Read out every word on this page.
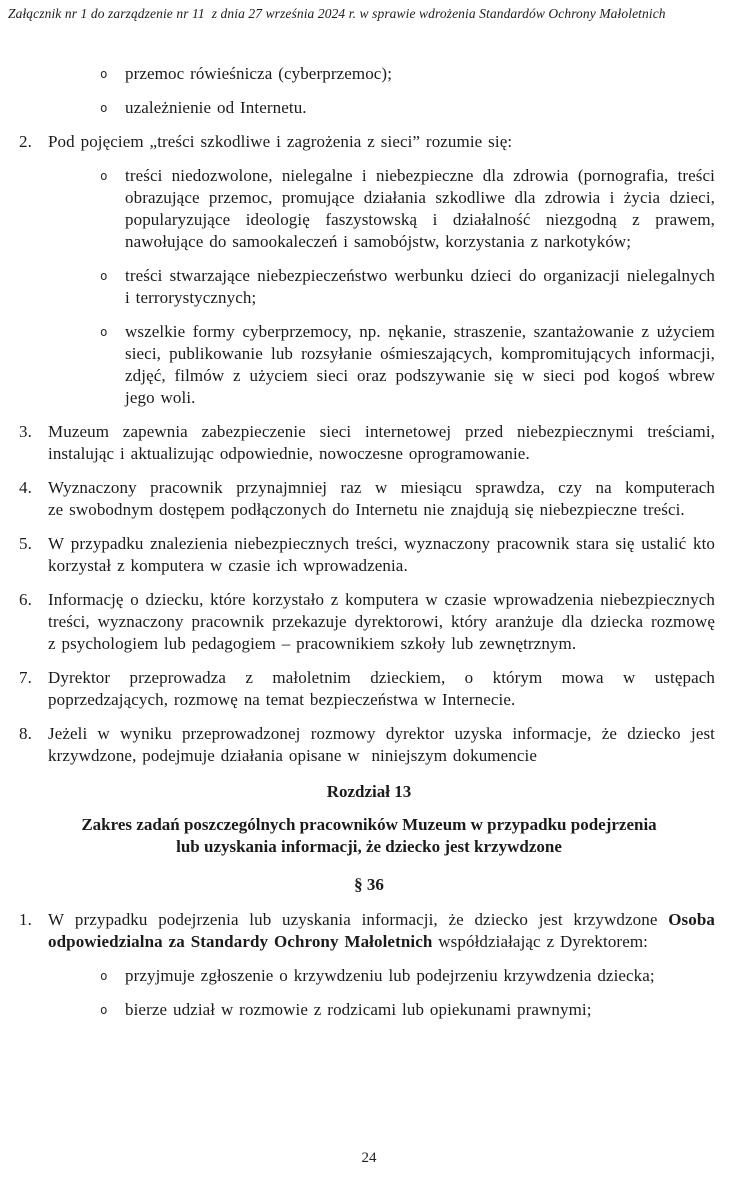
Załącznik nr 1 do zarządzenie nr 11  z dnia 27 września 2024 r. w sprawie wdrożenia Standardów Ochrony Małoletnich
o	przemoc rówieśnicza (cyberprzemoc);
o	uzależnienie od Internetu.
2. Pod pojęciem „treści szkodliwe i zagrożenia z sieci” rozumie się:
o	treści niedozwolone, nielegalne i niebezpieczne dla zdrowia (pornografia, treści obrazujące przemoc, promujące działania szkodliwe dla zdrowia i życia dzieci, popularyzujące ideologię faszystowską i działalność niezgodną z prawem, nawołujące do samookaleczeń i samobójstw, korzystania z narkotyków;
o	treści stwarzające niebezpieczeństwo werbunku dzieci do organizacji nielegalnych i terrorystycznych;
o	wszelkie formy cyberprzemocy, np. nękanie, straszenie, szantażowanie z użyciem sieci, publikowanie lub rozsyłanie ośmieszających, kompromitujących informacji, zdjęć, filmów z użyciem sieci oraz podszywanie się w sieci pod kogoś wbrew jego woli.
3. Muzeum zapewnia zabezpieczenie sieci internetowej przed niebezpiecznymi treściami, instalując i aktualizując odpowiednie, nowoczesne oprogramowanie.
4. Wyznaczony pracownik przynajmniej raz w miesiącu sprawdza, czy na komputerach ze swobodnym dostępem podłączonych do Internetu nie znajdują się niebezpieczne treści.
5. W przypadku znalezienia niebezpiecznych treści, wyznaczony pracownik stara się ustalić kto korzystał z komputera w czasie ich wprowadzenia.
6. Informację o dziecku, które korzystało z komputera w czasie wprowadzenia niebezpiecznych treści, wyznaczony pracownik przekazuje dyrektorowi, który aranżuje dla dziecka rozmowę z psychologiem lub pedagogiem – pracownikiem szkoły lub zewnętrznym.
7. Dyrektor przeprowadza z małoletnim dzieckiem, o którym mowa w ustępach poprzedzających, rozmowę na temat bezpieczeństwa w Internecie.
8. Jeżeli w wyniku przeprowadzonej rozmowy dyrektor uzyska informacje, że dziecko jest krzywdzone, podejmuje działania opisane w  niniejszym dokumencie
Rozdział 13
Zakres zadań poszczególnych pracowników Muzeum w przypadku podejrzenia lub uzyskania informacji, że dziecko jest krzywdzone
§ 36
1. W przypadku podejrzenia lub uzyskania informacji, że dziecko jest krzywdzone Osoba odpowiedzialna za Standardy Ochrony Małoletnich współdziałając z Dyrektorem:
o	przyjmuje zgłoszenie o krzywdzeniu lub podejrzeniu krzywdzenia dziecka;
o	bierze udział w rozmowie z rodzicami lub opiekunami prawnymi;
24
